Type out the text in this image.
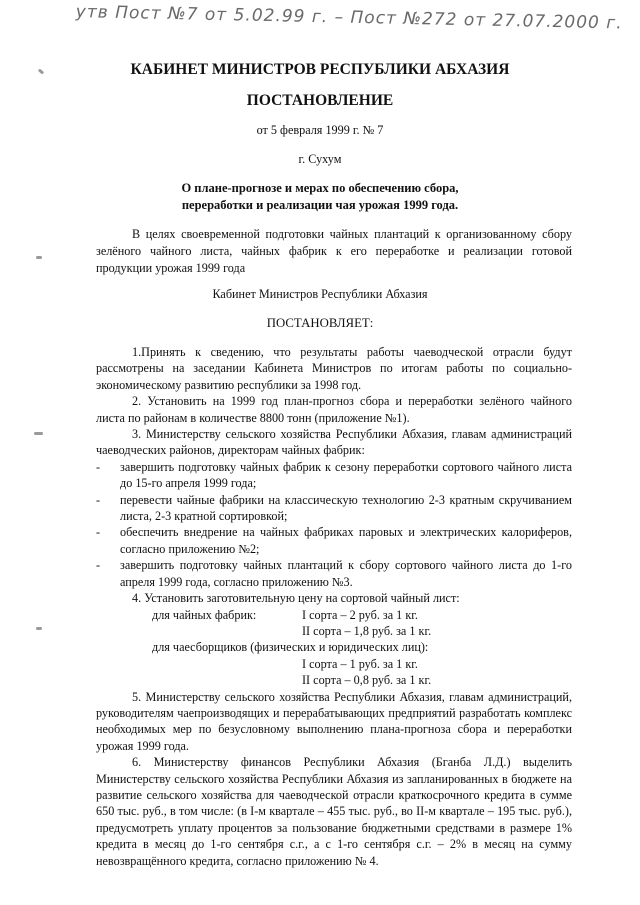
утв Пост №7 от 5.02.99 г. – Пост №272 от 27.07.2000 г.
КАБИНЕТ МИНИСТРОВ РЕСПУБЛИКИ АБХАЗИЯ
ПОСТАНОВЛЕНИЕ
от 5 февраля 1999 г. № 7
г. Сухум
О плане-прогнозе и мерах по обеспечению сбора,
переработки и реализации чая урожая 1999 года.
В целях своевременной подготовки чайных плантаций к организованному сбору зелёного чайного листа, чайных фабрик к его переработке и реализации готовой продукции урожая 1999 года
Кабинет Министров Республики Абхазия
ПОСТАНОВЛЯЕТ:

1.Принять к сведению, что результаты работы чаеводческой отрасли будут рассмотрены на заседании Кабинета Министров по итогам работы по социально-экономическому развитию республики за 1998 год.

2. Установить на 1999 год план-прогноз сбора и переработки зелёного чайного листа по районам в количестве 8800 тонн (приложение №1).

3. Министерству сельского хозяйства Республики Абхазия, главам администраций чаеводческих районов, директорам чайных фабрик:

- завершить подготовку чайных фабрик к сезону переработки сортового чайного листа до 15-го апреля 1999 года;
- перевести чайные фабрики на классическую технологию 2-3 кратным скручиванием листа, 2-3 кратной сортировкой;
- обеспечить внедрение на чайных фабриках паровых и электрических калориферов, согласно приложению №2;
- завершить подготовку чайных плантаций к сбору сортового чайного листа до 1-го апреля 1999 года, согласно приложению №3.

4. Установить заготовительную цену на сортовой чайный лист:

для чайных фабрик:	I сорта – 2 руб. за 1 кг.
II сорта – 1,8 руб. за 1 кг.
для чаесборщиков (физических и юридических лиц):
I сорта – 1 руб. за 1 кг.
II сорта – 0,8 руб. за 1 кг.

5. Министерству сельского хозяйства Республики Абхазия, главам администраций, руководителям чаепроизводящих и перерабатывающих предприятий разработать комплекс необходимых мер по безусловному выполнению плана-прогноза сбора и переработки урожая 1999 года.

6. Министерству финансов Республики Абхазия (Бганба Л.Д.) выделить Министерству сельского хозяйства Республики Абхазия из запланированных в бюджете на развитие сельского хозяйства для чаеводческой отрасли краткосрочного кредита в сумме 650 тыс. руб., в том числе: (в I-м квартале – 455 тыс. руб., во II-м квартале – 195 тыс. руб.), предусмотреть уплату процентов за пользование бюджетными средствами в размере 1% кредита в месяц до 1-го сентября с.г., а с 1-го сентября с.г. – 2% в месяц на сумму невозвращённого кредита, согласно приложению № 4.
